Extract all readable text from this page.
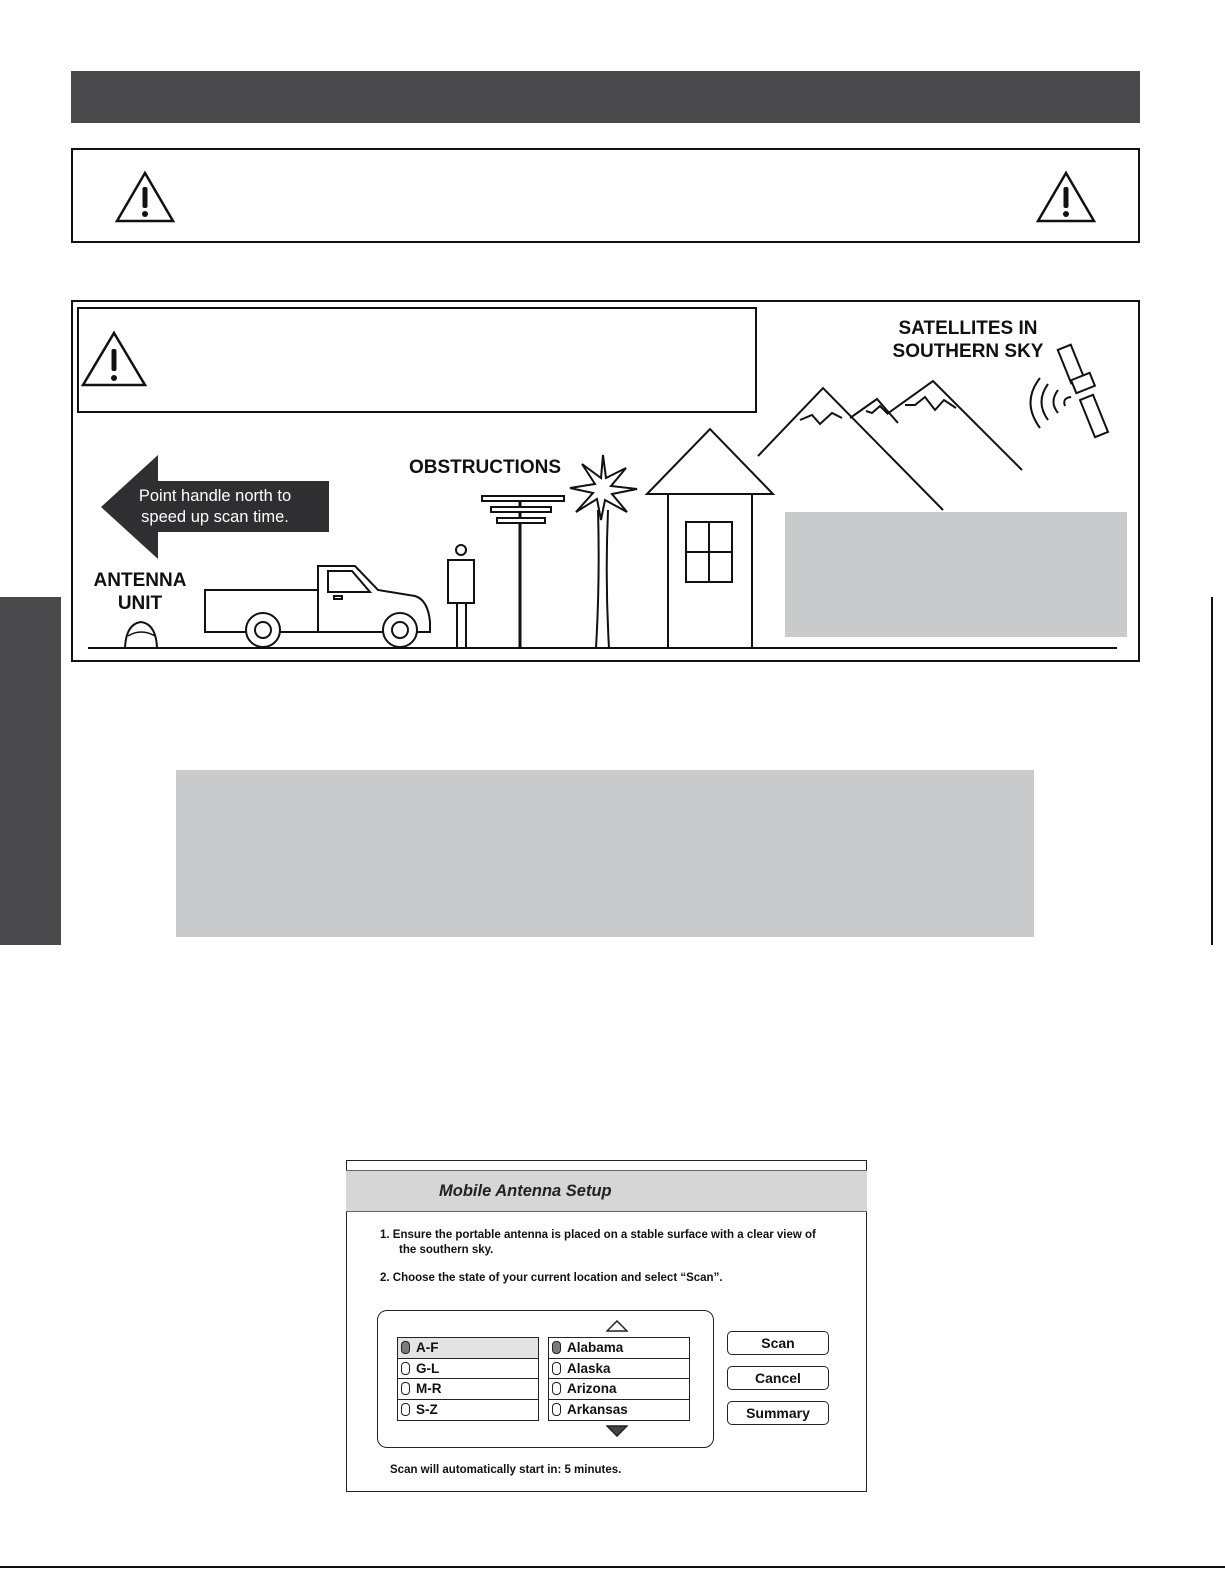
SATELLITES IN
SOUTHERN SKY
OBSTRUCTIONS
ANTENNA
UNIT
Point handle north to speed up scan time.
Mobile Antenna Setup
1. Ensure the portable antenna is placed on a stable surface with a clear view of
the southern sky.
2. Choose the state of your current location and select “Scan”.
A-F
G-L
M-R
S-Z
Alabama
Alaska
Arizona
Arkansas
Scan
Cancel
Summary
Scan will automatically start in: 5 minutes.
